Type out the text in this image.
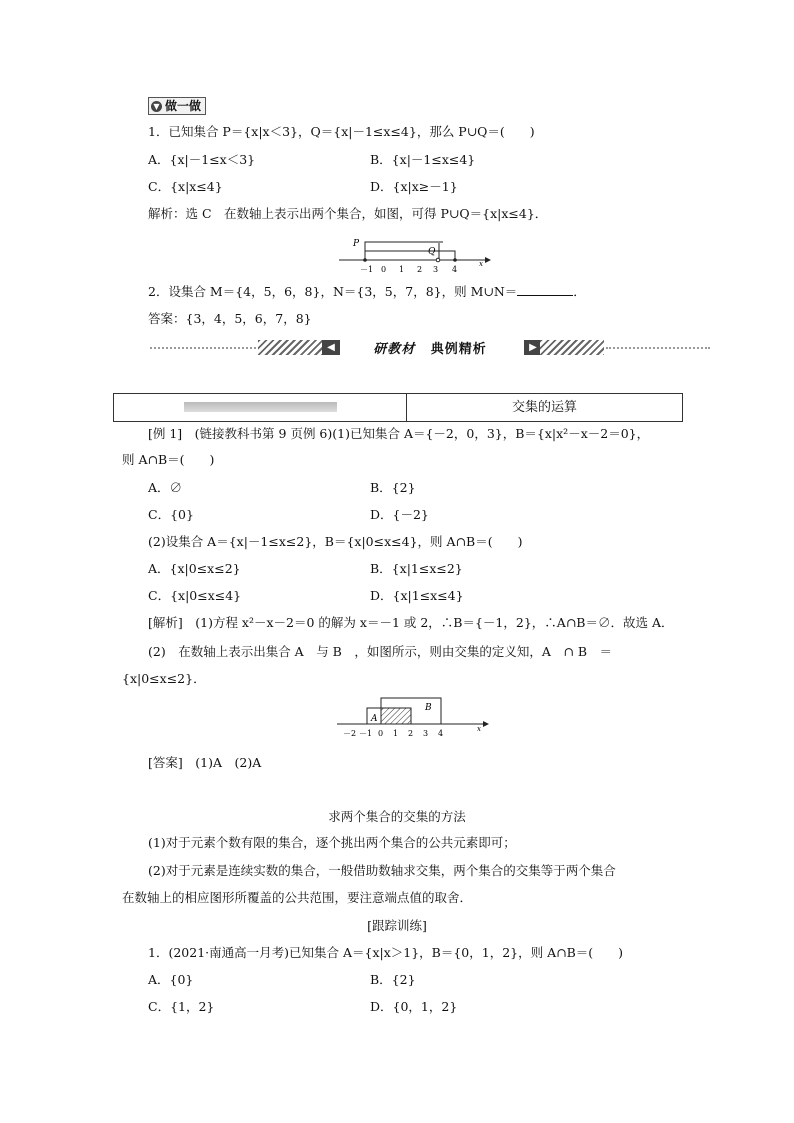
▼ 做一做
1．已知集合 P＝{x|x＜3}，Q＝{x|－1≤x≤4}，那么 P∪Q＝(　　)
A．{x|－1≤x＜3}	B．{x|－1≤x≤4}
C．{x|x≤4}	D．{x|x≥－1}
解析：选 C　在数轴上表示出两个集合，如图，可得 P∪Q＝{x|x≤4}．
P
Q
－1 0 1 2 3 4
x
2．设集合 M＝{4，5，6，8}，N＝{3，5，7，8}，则 M∪N＝	．
答案：{3，4，5，6，7，8}
◀	研教材 典例精析	▶
交集的运算
[例 1]　(链接教科书第 9 页例 6)(1)已知集合 A＝{－2，0，3}，B＝{x|x²－x－2＝0}，
则 A∩B＝(　　)
A．∅	B．{2}
C．{0}	D．{－2}
(2)设集合 A＝{x|－1≤x≤2}，B＝{x|0≤x≤4}，则 A∩B＝(　　)
A．{x|0≤x≤2}	B．{x|1≤x≤2}
C．{x|0≤x≤4}	D．{x|1≤x≤4}
[解析]　(1)方程 x²－x－2＝0 的解为 x＝－1 或 2，∴B＝{－1，2}，∴A∩B＝∅．故选 A．
(2)　在数轴上表示出集合 A　与 B　，如图所示，则由交集的定义知，A　∩ B　＝
{x|0≤x≤2}．
A
B
－2 －1 0 1 2 3 4	x
[答案]　(1)A　(2)A
求两个集合的交集的方法
(1)对于元素个数有限的集合，逐个挑出两个集合的公共元素即可；
(2)对于元素是连续实数的集合，一般借助数轴求交集，两个集合的交集等于两个集合
在数轴上的相应图形所覆盖的公共范围，要注意端点值的取舍．
[跟踪训练]
1．(2021·南通高一月考)已知集合 A＝{x|x＞1}，B＝{0，1，2}，则 A∩B＝(　　)
A．{0}	B．{2}
C．{1，2}	D．{0，1，2}
